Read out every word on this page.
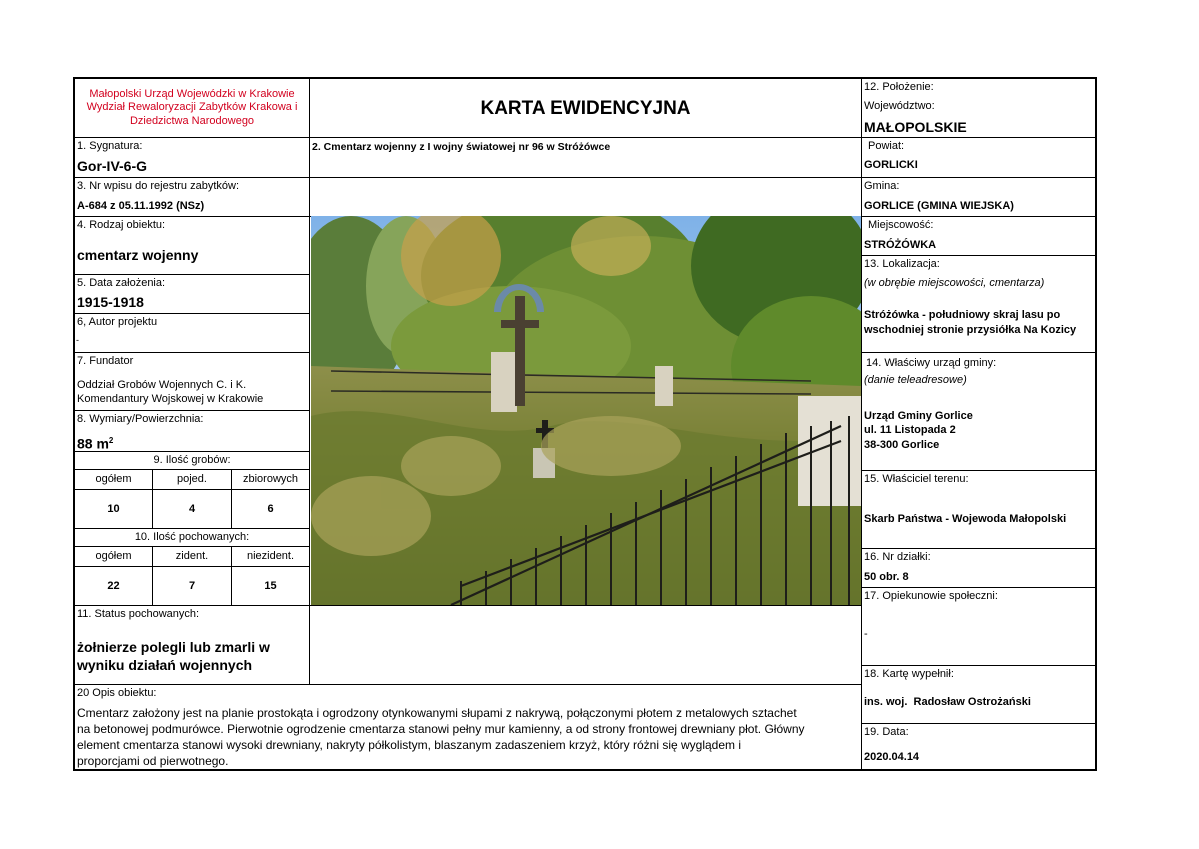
Małopolski Urząd Wojewódzki w Krakowie
Wydział Rewaloryzacji Zabytków Krakowa i
Dziedzictwa Narodowego
KARTA EWIDENCYJNA
1. Sygnatura:
Gor-IV-6-G
3. Nr wpisu do rejestru zabytków:
A-684 z 05.11.1992 (NSz)
4. Rodzaj obiektu:
cmentarz wojenny
5. Data założenia:
1915-1918
6, Autor projektu
-
7. Fundator
Oddział Grobów Wojennych C. i K.
Komendantury Wojskowej w Krakowie
8. Wymiary/Powierzchnia:
88 $m^2$
9. Ilość grobów:
ogółem	pojed.	zbiorowych
10	4	6
10. Ilość pochowanych:
ogółem	zident.	niezident.
22	7	15
11. Status pochowanych:
żołnierze polegli lub zmarli w
wyniku działań wojennych
2. Cmentarz wojenny z I wojny światowej nr 96 w Stróżówce
20 Opis obiektu:
Cmentarz założony jest na planie prostokąta i ogrodzony otynkowanymi słupami z nakrywą, połączonymi płotem z metalowych sztachet
na betonowej podmurówce. Pierwotnie ogrodzenie cmentarza stanowi pełny mur kamienny, a od strony frontowej drewniany płot. Główny
element cmentarza stanowi wysoki drewniany, nakryty półkolistym, blaszanym zadaszeniem krzyż, który różni się wyglądem i
proporcjami od pierwotnego.
12. Położenie:
Województwo:
MAŁOPOLSKIE
Powiat:
GORLICKI
Gmina:
GORLICE (GMINA WIEJSKA)
Miejscowość:
STRÓŻÓWKA
13. Lokalizacja:
(w obrębie miejscowości, cmentarza)
Stróżówka - południowy skraj lasu po
wschodniej stronie przysiółka Na Kozicy
14. Właściwy urząd gminy:
(danie teleadresowe)
Urząd Gminy Gorlice
ul. 11 Listopada 2
38-300 Gorlice
15. Właściciel terenu:
Skarb Państwa - Wojewoda Małopolski
16. Nr działki:
50 obr. 8
17. Opiekunowie społeczni:
-
18. Kartę wypełnił:
ins. woj.  Radosław Ostrożański
19. Data:
2020.04.14
